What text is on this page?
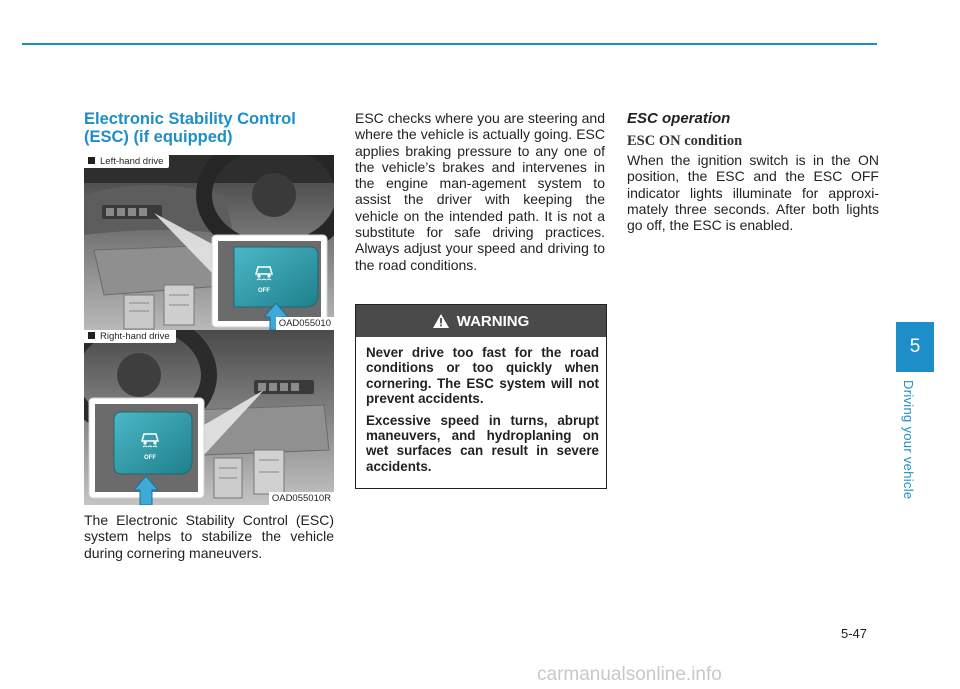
Electronic Stability Control
(ESC) (if equipped)
OFF
Left-hand drive
OAD055010
OFF
Right-hand drive
OAD055010R

The Electronic Stability Control (ESC) system helps to stabilize the vehicle during cornering maneuvers.

ESC checks where you are steering and where the vehicle is actually going. ESC applies braking pressure to any one of the vehicle’s brakes and intervenes in the engine man-agement system to assist the driver with keeping the vehicle on the intended path. It is not a substitute for safe driving practices. Always adjust your speed and driving to the road conditions.

WARNING

Never drive too fast for the road conditions or too quickly when cornering. The ESC system will not prevent accidents.

Excessive speed in turns, abrupt maneuvers, and hydroplaning on wet surfaces can result in severe accidents.

ESC operation
ESC ON condition

When the ignition switch is in the ON position, the ESC and the ESC OFF indicator lights illuminate for approxi-mately three seconds. After both lights go off, the ESC is enabled.

5
Driving your vehicle
5-47
carmanualsonline.info
